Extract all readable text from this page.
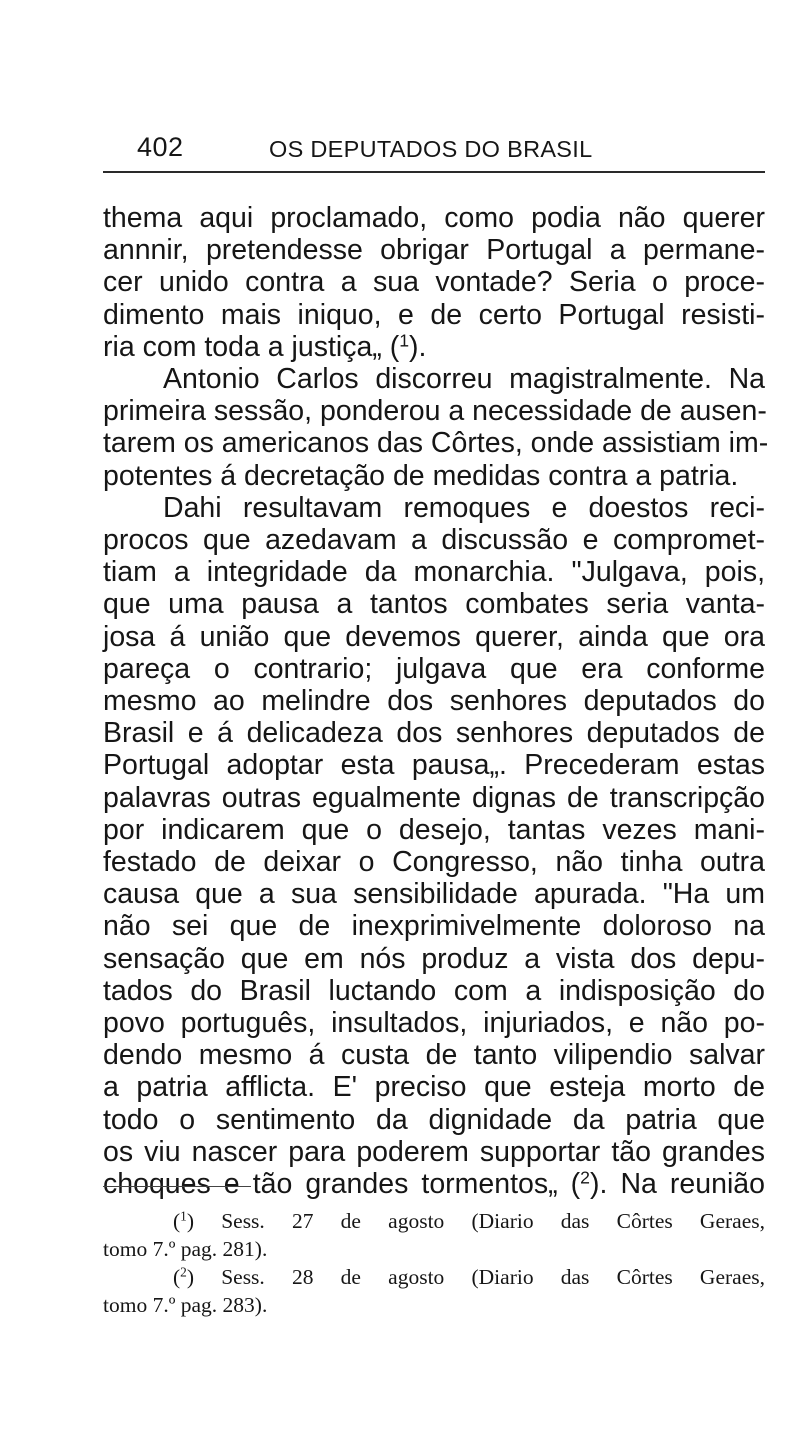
402	OS DEPUTADOS DO BRASIL
thema aqui proclamado, como podia não querer
annnir, pretendesse obrigar Portugal a permane-
cer unido contra a sua vontade? Seria o proce-
dimento mais iniquo, e de certo Portugal resisti-
ria com toda a justiça„ ($^1$).
Antonio Carlos discorreu magistralmente. Na
primeira sessão, ponderou a necessidade de ausen-
tarem os americanos das Côrtes, onde assistiam im-
potentes á decretação de medidas contra a patria.
Dahi resultavam remoques e doestos reci-
procos que azedavam a discussão e compromet-
tiam a integridade da monarchia. "Julgava, pois,
que uma pausa a tantos combates seria vanta-
josa á união que devemos querer, ainda que ora
pareça o contrario; julgava que era conforme
mesmo ao melindre dos senhores deputados do
Brasil e á delicadeza dos senhores deputados de
Portugal adoptar esta pausa„. Precederam estas
palavras outras egualmente dignas de transcripção
por indicarem que o desejo, tantas vezes mani-
festado de deixar o Congresso, não tinha outra
causa que a sua sensibilidade apurada. "Ha um
não sei que de inexprimivelmente doloroso na
sensação que em nós produz a vista dos depu-
tados do Brasil luctando com a indisposição do
povo português, insultados, injuriados, e não po-
dendo mesmo á custa de tanto vilipendio salvar
a patria afflicta. E' preciso que esteja morto de
todo o sentimento da dignidade da patria que
os viu nascer para poderem supportar tão grandes
choques e tão grandes tormentos„ ($^2$). Na reunião
($^1$) Sess. 27 de agosto (Diario das Côrtes Geraes,
tomo 7.º pag. 281).
($^2$) Sess. 28 de agosto (Diario das Côrtes Geraes,
tomo 7.º pag. 283).
